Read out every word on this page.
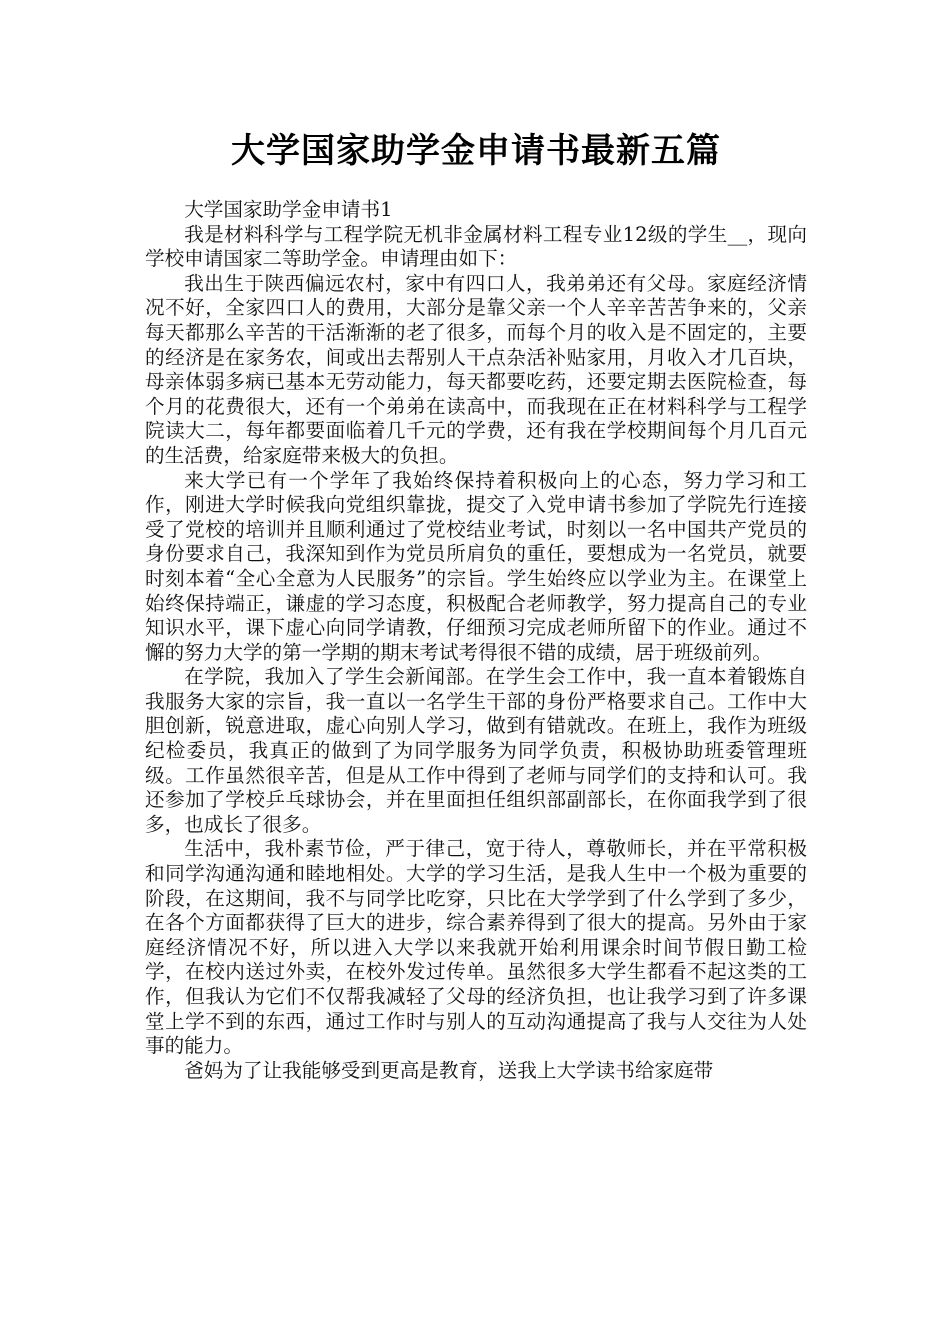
大学国家助学金申请书最新五篇

大学国家助学金申请书1

我是材料科学与工程学院无机非金属材料工程专业12级的学生__，现向学校申请国家二等助学金。申请理由如下：

我出生于陕西偏远农村，家中有四口人，我弟弟还有父母。家庭经济情况不好，全家四口人的费用，大部分是靠父亲一个人辛辛苦苦争来的，父亲每天都那么辛苦的干活渐渐的老了很多，而每个月的收入是不固定的，主要的经济是在家务农，间或出去帮别人干点杂活补贴家用，月收入才几百块，母亲体弱多病已基本无劳动能力，每天都要吃药，还要定期去医院检查，每个月的花费很大，还有一个弟弟在读高中，而我现在正在材料科学与工程学院读大二，每年都要面临着几千元的学费，还有我在学校期间每个月几百元的生活费，给家庭带来极大的负担。

来大学已有一个学年了我始终保持着积极向上的心态，努力学习和工作，刚进大学时候我向党组织靠拢，提交了入党申请书参加了学院先行连接受了党校的培训并且顺利通过了党校结业考试，时刻以一名中国共产党员的身份要求自己，我深知到作为党员所肩负的重任，要想成为一名党员，就要时刻本着“全心全意为人民服务”的宗旨。学生始终应以学业为主。在课堂上始终保持端正，谦虚的学习态度，积极配合老师教学，努力提高自己的专业知识水平，课下虚心向同学请教，仔细预习完成老师所留下的作业。通过不懈的努力大学的第一学期的期末考试考得很不错的成绩，居于班级前列。

在学院，我加入了学生会新闻部。在学生会工作中，我一直本着锻炼自我服务大家的宗旨，我一直以一名学生干部的身份严格要求自己。工作中大胆创新，锐意进取，虚心向别人学习，做到有错就改。在班上，我作为班级纪检委员，我真正的做到了为同学服务为同学负责，积极协助班委管理班级。工作虽然很辛苦，但是从工作中得到了老师与同学们的支持和认可。我还参加了学校乒乓球协会，并在里面担任组织部副部长，在你面我学到了很多，也成长了很多。

生活中，我朴素节俭，严于律己，宽于待人，尊敬师长，并在平常积极和同学沟通沟通和睦地相处。大学的学习生活，是我人生中一个极为重要的阶段，在这期间，我不与同学比吃穿，只比在大学学到了什么学到了多少，在各个方面都获得了巨大的进步，综合素养得到了很大的提高。另外由于家庭经济情况不好，所以进入大学以来我就开始利用课余时间节假日勤工检学，在校内送过外卖，在校外发过传单。虽然很多大学生都看不起这类的工作，但我认为它们不仅帮我减轻了父母的经济负担，也让我学习到了许多课堂上学不到的东西，通过工作时与别人的互动沟通提高了我与人交往为人处事的能力。

爸妈为了让我能够受到更高是教育，送我上大学读书给家庭带
